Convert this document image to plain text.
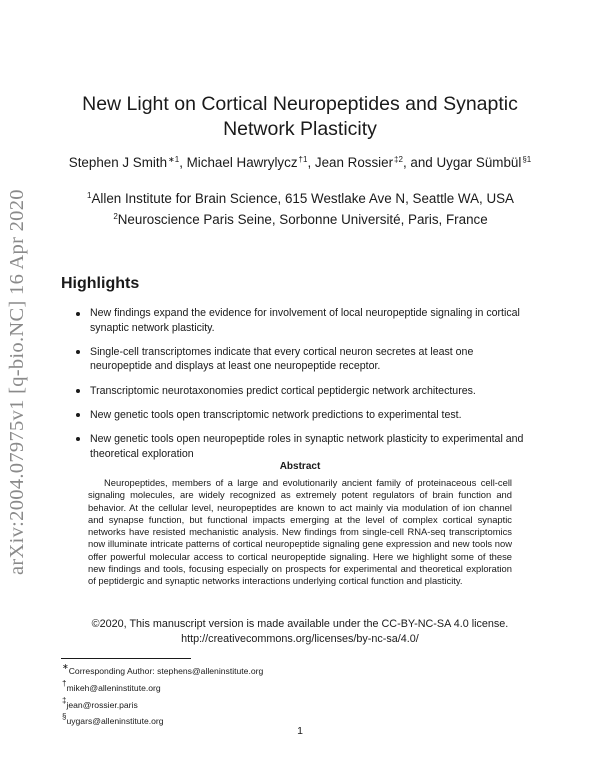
arXiv:2004.07975v1 [q-bio.NC] 16 Apr 2020
New Light on Cortical Neuropeptides and Synaptic
Network Plasticity
Stephen J Smith$^{∗1}$, Michael Hawrylycz$^{\dagger 1}$, Jean Rossier$^{\ddagger 2}$, and Uygar Sümbül$^{\S 1}$
$^1$Allen Institute for Brain Science, 615 Westlake Ave N, Seattle WA, USA
$^2$Neuroscience Paris Seine, Sorbonne Université, Paris, France
Highlights
New findings expand the evidence for involvement of local neuropeptide signaling in cortical synaptic network plasticity.
Single-cell transcriptomes indicate that every cortical neuron secretes at least one neuropeptide and displays at least one neuropeptide receptor.
Transcriptomic neurotaxonomies predict cortical peptidergic network architectures.
New genetic tools open transcriptomic network predictions to experimental test.
New genetic tools open neuropeptide roles in synaptic network plasticity to experimental and theoretical exploration
Abstract
Neuropeptides, members of a large and evolutionarily ancient family of proteinaceous cell-cell signaling molecules, are widely recognized as extremely potent regulators of brain function and behavior. At the cellular level, neuropeptides are known to act mainly via modulation of ion channel and synapse function, but functional impacts emerging at the level of complex cortical synaptic networks have resisted mechanistic analysis. New findings from single-cell RNA-seq transcriptomics now illuminate intricate patterns of cortical neuropeptide signaling gene expression and new tools now offer powerful molecular access to cortical neuropeptide signaling. Here we highlight some of these new findings and tools, focusing especially on prospects for experimental and theoretical exploration of peptidergic and synaptic networks interactions underlying cortical function and plasticity.
©2020, This manuscript version is made available under the CC-BY-NC-SA 4.0 license.
http://creativecommons.org/licenses/by-nc-sa/4.0/
∗Corresponding Author: stephens@alleninstitute.org
†mikeh@alleninstitute.org
‡jean@rossier.paris
§uygars@alleninstitute.org
1
